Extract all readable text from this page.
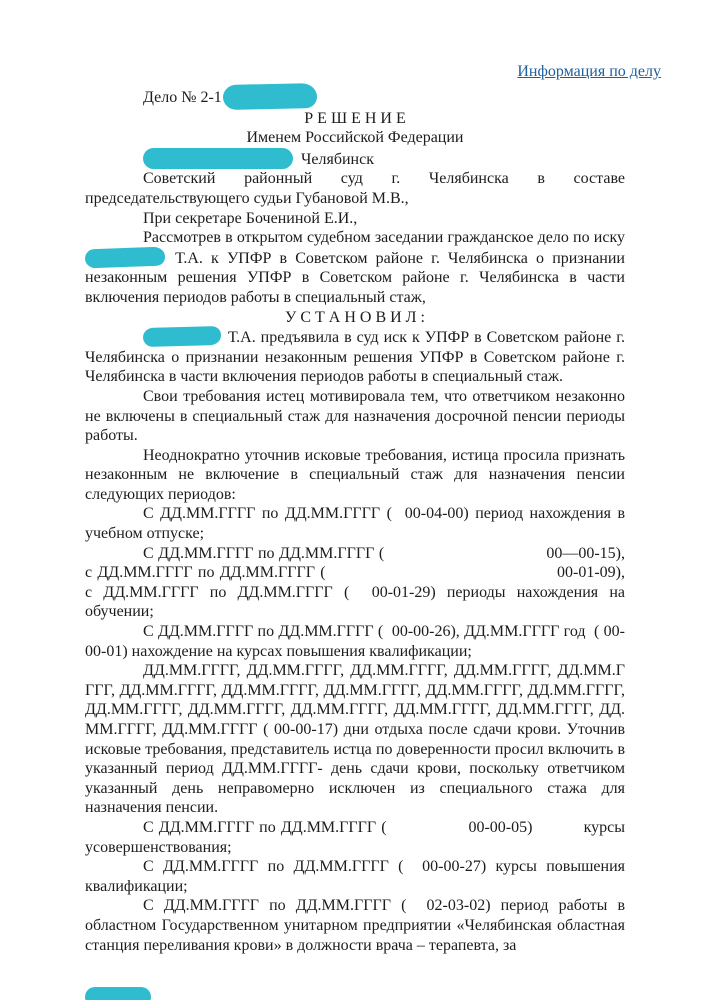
Информация по делу
Дело № 2-1
Р Е Ш Е Н И Е
Именем Российской Федерации
Челябинск

Советский районный суд г. Челябинска в составе председательствующего судьи Губановой М.В.,

При секретаре Бочениной Е.И.,

Рассмотрев в открытом судебном заседании гражданское дело по иску
Т.А. к УПФР в Советском районе г. Челябинска о признании незаконным решения УПФР в Советском районе г. Челябинска в части включения периодов работы в специальный стаж,
У С Т А Н О В И Л :

Т.А. предъявила в суд иск к УПФР в Советском районе г. Челябинска о признании незаконным решения УПФР в Советском районе г. Челябинска в части включения периодов работы в специальный стаж.

Свои требования истец мотивировала тем, что ответчиком незаконно не включены в специальный стаж для назначения досрочной пенсии периоды работы.

Неоднократно уточнив исковые требования, истица просила признать незаконным не включение в специальный стаж для назначения пенсии следующих периодов:

С ДД.ММ.ГГГГ по ДД.ММ.ГГГГ (  00-04-00) период нахождения в учебном отпуске;

С ДД.ММ.ГГГГ по ДД.ММ.ГГГГ (                                    00—00-15), с ДД.ММ.ГГГГ по ДД.ММ.ГГГГ (                                            00-01-09), с ДД.ММ.ГГГГ по ДД.ММ.ГГГГ (  00-01-29) периоды нахождения на обучении;

С ДД.ММ.ГГГГ по ДД.ММ.ГГГГ (  00-00-26), ДД.ММ.ГГГГ год  ( 00-00-01) нахождение на курсах повышения квалификации;

ДД.ММ.ГГГГ, ДД.ММ.ГГГГ, ДД.ММ.ГГГГ, ДД.ММ.ГГГГ, ДД.ММ.ГГГГ, ДД.ММ.ГГГГ, ДД.ММ.ГГГГ, ДД.ММ.ГГГГ, ДД.ММ.ГГГГ, ДД.ММ.ГГГГ, ДД.ММ.ГГГГ, ДД.ММ.ГГГГ, ДД.ММ.ГГГГ, ДД.ММ.ГГГГ, ДД.ММ.ГГГГ, ДД.ММ.ГГГГ, ДД.ММ.ГГГГ ( 00-00-17) дни отдыха после сдачи крови. Уточнив исковые требования, представитель истца по доверенности просил включить в указанный период ДД.ММ.ГГГГ- день сдачи крови, поскольку ответчиком указанный день неправомерно исключен из специального стажа для назначения пенсии.

С ДД.ММ.ГГГГ по ДД.ММ.ГГГГ (                00-00-05)          курсы усовершенствования;

С ДД.ММ.ГГГГ по ДД.ММ.ГГГГ (  00-00-27) курсы повышения квалификации;

С ДД.ММ.ГГГГ по ДД.ММ.ГГГГ (  02-03-02) период работы в областном Государственном унитарном предприятии «Челябинская областная станция переливания крови» в должности врача – терапевта, за
